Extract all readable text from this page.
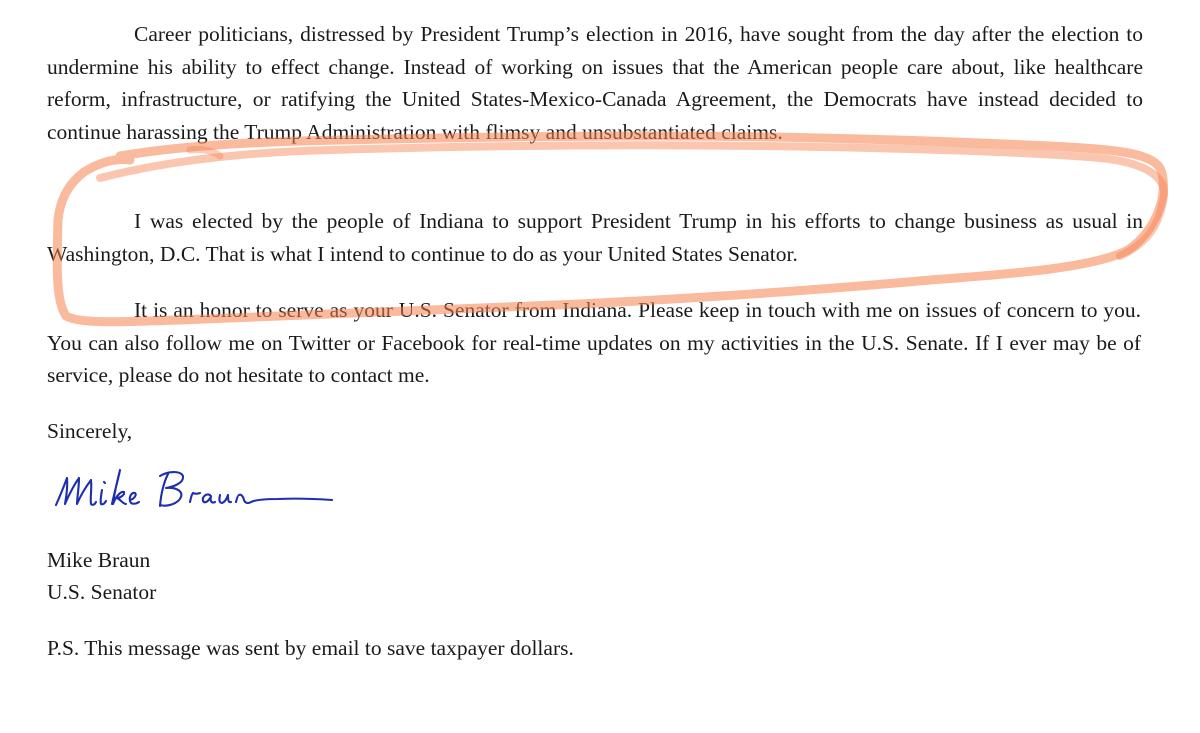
Career politicians, distressed by President Trump’s election in 2016, have sought from the day after the election to undermine his ability to effect change. Instead of working on issues that the American people care about, like healthcare reform, infrastructure, or ratifying the United States-Mexico-Canada Agreement, the Democrats have instead decided to continue harassing the Trump Administration with flimsy and unsubstantiated claims.

I was elected by the people of Indiana to support President Trump in his efforts to change business as usual in Washington, D.C. That is what I intend to continue to do as your United States Senator.

It is an honor to serve as your U.S. Senator from Indiana. Please keep in touch with me on issues of concern to you. You can also follow me on Twitter or Facebook for real-time updates on my activities in the U.S. Senate. If I ever may be of service, please do not hesitate to contact me.

Sincerely,
Mike Braun
U.S. Senator
P.S. This message was sent by email to save taxpayer dollars.
